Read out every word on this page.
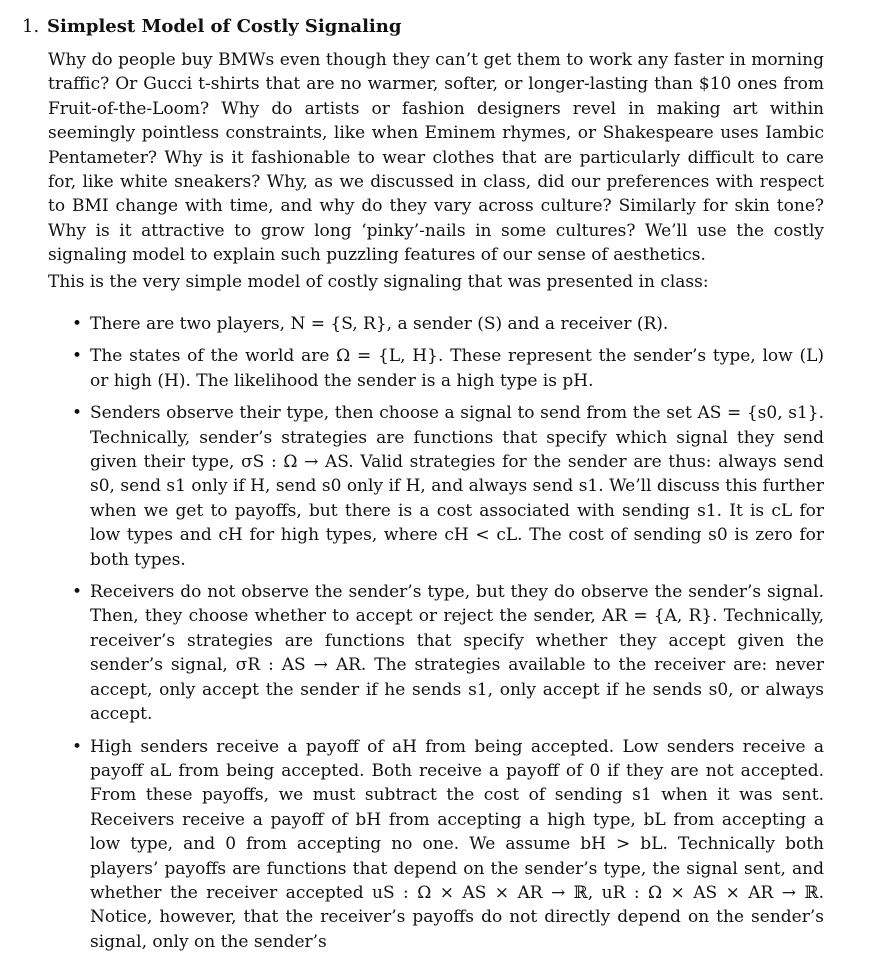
1. Simplest Model of Costly Signaling

Why do people buy BMWs even though they can’t get them to work any faster in morning traffic? Or Gucci t-shirts that are no warmer, softer, or longer-lasting than $10 ones from Fruit-of-the-Loom? Why do artists or fashion designers revel in making art within seemingly pointless constraints, like when Eminem rhymes, or Shakespeare uses Iambic Pentameter? Why is it fashionable to wear clothes that are particularly difficult to care for, like white sneakers? Why, as we discussed in class, did our preferences with respect to BMI change with time, and why do they vary across culture? Similarly for skin tone? Why is it attractive to grow long ‘pinky’-nails in some cultures? We’ll use the costly signaling model to explain such puzzling features of our sense of aesthetics.

This is the very simple model of costly signaling that was presented in class:

• There are two players, N = {S, R}, a sender (S) and a receiver (R).
• The states of the world are Ω = {L, H}. These represent the sender’s type, low (L) or high (H). The likelihood the sender is a high type is pH.
• Senders observe their type, then choose a signal to send from the set AS = {s0, s1}. Technically, sender’s strategies are functions that specify which signal they send given their type, σS : Ω → AS. Valid strategies for the sender are thus: always send s0, send s1 only if H, send s0 only if H, and always send s1. We’ll discuss this further when we get to payoffs, but there is a cost associated with sending s1. It is cL for low types and cH for high types, where cH < cL. The cost of sending s0 is zero for both types.
• Receivers do not observe the sender’s type, but they do observe the sender’s signal. Then, they choose whether to accept or reject the sender, AR = {A, R}. Technically, receiver’s strategies are functions that specify whether they accept given the sender’s signal, σR : AS → AR. The strategies available to the receiver are: never accept, only accept the sender if he sends s1, only accept if he sends s0, or always accept.
• High senders receive a payoff of aH from being accepted. Low senders receive a payoff aL from being accepted. Both receive a payoff of 0 if they are not accepted. From these payoffs, we must subtract the cost of sending s1 when it was sent. Receivers receive a payoff of bH from accepting a high type, bL from accepting a low type, and 0 from accepting no one. We assume bH > bL. Technically both players’ payoffs are functions that depend on the sender’s type, the signal sent, and whether the receiver accepted uS : Ω × AS × AR → ℝ, uR : Ω × AS × AR → ℝ. Notice, however, that the receiver’s payoffs do not directly depend on the sender’s signal, only on the sender’s
